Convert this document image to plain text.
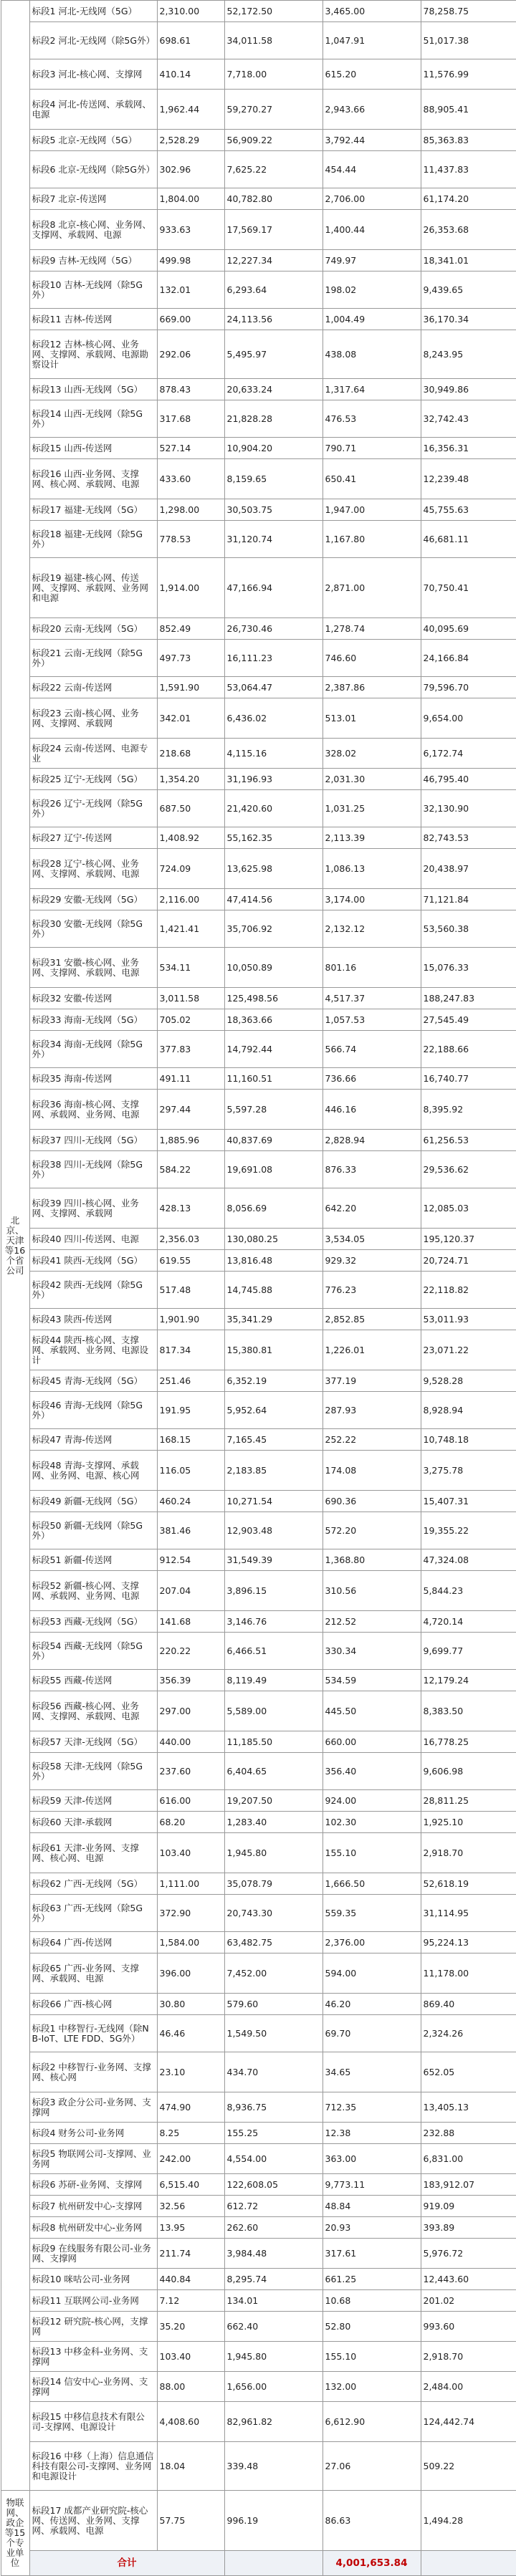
北京、天津等16个省公司	标段1 河北-无线网（5G）	2,310.00	52,172.50	3,465.00	78,258.75	
	标段2 河北-无线网（除5G外）	698.61	34,011.58	1,047.91	51,017.38	
	标段3 河北-核心网、支撑网	410.14	7,718.00	615.20	11,576.99	
	标段4 河北-传送网、承载网、电源	1,962.44	59,270.27	2,943.66	88,905.41	
	标段5 北京-无线网（5G）	2,528.29	56,909.22	3,792.44	85,363.83	
	标段6 北京-无线网（除5G外）	302.96	7,625.22	454.44	11,437.83	
	标段7 北京-传送网	1,804.00	40,782.80	2,706.00	61,174.20	
	标段8 北京-核心网、业务网、支撑网、承载网、电源	933.63	17,569.17	1,400.44	26,353.68	
	标段9 吉林-无线网（5G）	499.98	12,227.34	749.97	18,341.01	
	标段10 吉林-无线网（除5G外）	132.01	6,293.64	198.02	9,439.65	
	标段11 吉林-传送网	669.00	24,113.56	1,004.49	36,170.34	
	标段12 吉林-核心网、业务网、支撑网、承载网、电源勘察设计	292.06	5,495.97	438.08	8,243.95	
	标段13 山西-无线网（5G）	878.43	20,633.24	1,317.64	30,949.86	
	标段14 山西-无线网（除5G外）	317.68	21,828.28	476.53	32,742.43	
	标段15 山西-传送网	527.14	10,904.20	790.71	16,356.31	
	标段16 山西-业务网、支撑网、核心网、承载网、电源	433.60	8,159.65	650.41	12,239.48	
	标段17 福建-无线网（5G）	1,298.00	30,503.75	1,947.00	45,755.63	
	标段18 福建-无线网（除5G外）	778.53	31,120.74	1,167.80	46,681.11	
	标段19 福建-核心网、传送网、支撑网、承载网、业务网和电源	1,914.00	47,166.94	2,871.00	70,750.41	
	标段20 云南-无线网（5G）	852.49	26,730.46	1,278.74	40,095.69	
	标段21 云南-无线网（除5G外）	497.73	16,111.23	746.60	24,166.84	
	标段22 云南-传送网	1,591.90	53,064.47	2,387.86	79,596.70	
	标段23 云南-核心网、业务网、支撑网、承载网	342.01	6,436.02	513.01	9,654.00	
	标段24 云南-传送网、电源专业	218.68	4,115.16	328.02	6,172.74	
	标段25 辽宁-无线网（5G）	1,354.20	31,196.93	2,031.30	46,795.40	
	标段26 辽宁-无线网（除5G外）	687.50	21,420.60	1,031.25	32,130.90	
	标段27 辽宁-传送网	1,408.92	55,162.35	2,113.39	82,743.53	
	标段28 辽宁-核心网、业务网、支撑网、承载网、电源	724.09	13,625.98	1,086.13	20,438.97	
	标段29 安徽-无线网（5G）	2,116.00	47,414.56	3,174.00	71,121.84	
	标段30 安徽-无线网（除5G外）	1,421.41	35,706.92	2,132.12	53,560.38	
	标段31 安徽-核心网、业务网、支撑网、承载网、电源	534.11	10,050.89	801.16	15,076.33	
	标段32 安徽-传送网	3,011.58	125,498.56	4,517.37	188,247.83	
	标段33 海南-无线网（5G）	705.02	18,363.66	1,057.53	27,545.49	
	标段34 海南-无线网（除5G外）	377.83	14,792.44	566.74	22,188.66	
	标段35 海南-传送网	491.11	11,160.51	736.66	16,740.77	
	标段36 海南-核心网、支撑网、承载网、业务网、电源	297.44	5,597.28	446.16	8,395.92	
	标段37 四川-无线网（5G）	1,885.96	40,837.69	2,828.94	61,256.53	
	标段38 四川-无线网（除5G外）	584.22	19,691.08	876.33	29,536.62	
	标段39 四川-核心网、业务网、支撑网、承载网	428.13	8,056.69	642.20	12,085.03	
	标段40 四川-传送网、电源	2,356.03	130,080.25	3,534.05	195,120.37	
	标段41 陕西-无线网（5G）	619.55	13,816.48	929.32	20,724.71	
	标段42 陕西-无线网（除5G外）	517.48	14,745.88	776.23	22,118.82	
	标段43 陕西-传送网	1,901.90	35,341.29	2,852.85	53,011.93	
	标段44 陕西-核心网、支撑网、承载网、业务网、电源设计	817.34	15,380.81	1,226.01	23,071.22	
	标段45 青海-无线网（5G）	251.46	6,352.19	377.19	9,528.28	
	标段46 青海-无线网（除5G外）	191.95	5,952.64	287.93	8,928.94	
	标段47 青海-传送网	168.15	7,165.45	252.22	10,748.18	
	标段48 青海-支撑网、承载网、业务网、电源、核心网	116.05	2,183.85	174.08	3,275.78	
	标段49 新疆-无线网（5G）	460.24	10,271.54	690.36	15,407.31	
	标段50 新疆-无线网（除5G外）	381.46	12,903.48	572.20	19,355.22	
	标段51 新疆-传送网	912.54	31,549.39	1,368.80	47,324.08	
	标段52 新疆-核心网、支撑网、承载网、业务网、电源	207.04	3,896.15	310.56	5,844.23	
	标段53 西藏-无线网（5G）	141.68	3,146.76	212.52	4,720.14	
	标段54 西藏-无线网（除5G外）	220.22	6,466.51	330.34	9,699.77	
	标段55 西藏-传送网	356.39	8,119.49	534.59	12,179.24	
	标段56 西藏-核心网、业务网、支撑网、承载网、电源	297.00	5,589.00	445.50	8,383.50	
	标段57 天津-无线网（5G）	440.00	11,185.50	660.00	16,778.25	
	标段58 天津-无线网（除5G外）	237.60	6,404.65	356.40	9,606.98	
	标段59 天津-传送网	616.00	19,207.50	924.00	28,811.25	
	标段60 天津-承载网	68.20	1,283.40	102.30	1,925.10	
	标段61 天津-业务网、支撑网、核心网、电源	103.40	1,945.80	155.10	2,918.70	
	标段62 广西-无线网（5G）	1,111.00	35,078.79	1,666.50	52,618.19	
	标段63 广西-无线网（除5G外）	372.90	20,743.30	559.35	31,114.95	
	标段64 广西-传送网	1,584.00	63,482.75	2,376.00	95,224.13	
	标段65 广西-业务网、支撑网、承载网、电源	396.00	7,452.00	594.00	11,178.00	
	标段66 广西-核心网	30.80	579.60	46.20	869.40	
	标段1 中移智行-无线网（除NB-IoT、LTE FDD、5G外）	46.46	1,549.50	69.70	2,324.26	
	标段2 中移智行-业务网、支撑网、核心网	23.10	434.70	34.65	652.05	
	标段3 政企分公司-业务网、支撑网	474.90	8,936.75	712.35	13,405.13	
	标段4 财务公司-业务网	8.25	155.25	12.38	232.88	
	标段5 物联网公司-支撑网、业务网	242.00	4,554.00	363.00	6,831.00	
	标段6 苏研-业务网、支撑网	6,515.40	122,608.05	9,773.11	183,912.07	
	标段7 杭州研发中心-支撑网	32.56	612.72	48.84	919.09	
	标段8 杭州研发中心-业务网	13.95	262.60	20.93	393.89	
	标段9 在线服务有限公司-业务网、支撑网	211.74	3,984.48	317.61	5,976.72	
	标段10 咪咕公司-业务网	440.84	8,295.74	661.25	12,443.60	
	标段11 互联网公司-业务网	7.12	134.01	10.68	201.02	
	标段12 研究院-核心网，支撑网	35.20	662.40	52.80	993.60	
	标段13 中移金科-业务网、支撑网	103.40	1,945.80	155.10	2,918.70	
	标段14 信安中心-业务网、支撑网	88.00	1,656.00	132.00	2,484.00	
	标段15 中移信息技术有限公司-支撑网、电源设计	4,408.60	82,961.82	6,612.90	124,442.74	
	标段16 中移（上海）信息通信科技有限公司-支撑网、业务网和电源设计	18.04	339.48	27.06	509.22	
物联网、政企等15个专业单位	标段17 成都产业研究院-核心网、传送网、业务网、支撑网、承载网、电源	57.75	996.19	86.63	1,494.28	
	合计			4,001,653.84		
